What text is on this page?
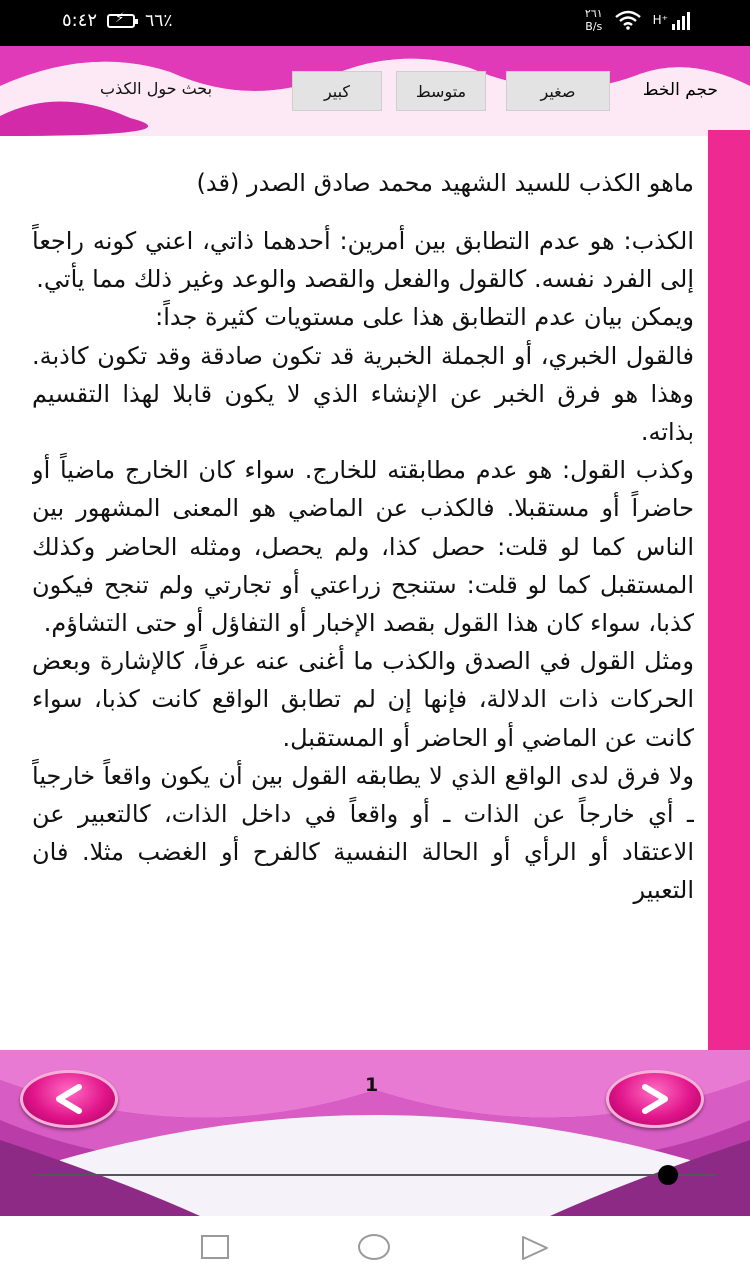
٥:٤٢ ⚡ ٦٦٪	٢٦١
B/s	H⁺
حجم الخط
صغير
متوسط
كبير
بحث حول الكذب
ماهو الكذب للسيد الشهيد محمد صادق الصدر (قد)
الكذب: هو عدم التطابق بين أمرين: أحدهما ذاتي، اعني كونه راجعاً إلى الفرد نفسه. كالقول والفعل والقصد والوعد وغير ذلك مما يأتي.
ويمكن بيان عدم التطابق هذا على مستويات كثيرة جداً:
فالقول الخبري، أو الجملة الخبرية قد تكون صادقة وقد تكون كاذبة. وهذا هو فرق الخبر عن الإنشاء الذي لا يكون قابلا لهذا التقسيم بذاته.
وكذب القول: هو عدم مطابقته للخارج. سواء كان الخارج ماضياً أو حاضراً أو مستقبلا. فالكذب عن الماضي هو المعنى المشهور بين الناس كما لو قلت: حصل كذا، ولم يحصل، ومثله الحاضر وكذلك المستقبل كما لو قلت: ستنجح زراعتي أو تجارتي ولم تنجح فيكون كذبا، سواء كان هذا القول بقصد الإخبار أو التفاؤل أو حتى التشاؤم.
ومثل القول في الصدق والكذب ما أغنى عنه عرفاً، كالإشارة وبعض الحركات ذات الدلالة، فإنها إن لم تطابق الواقع كانت كذبا، سواء كانت عن الماضي أو الحاضر أو المستقبل.
ولا فرق لدى الواقع الذي لا يطابقه القول بين أن يكون واقعاً خارجياً ـ أي خارجاً عن الذات ـ أو واقعاً في داخل الذات، كالتعبير عن الاعتقاد أو الرأي أو الحالة النفسية كالفرح أو الغضب مثلا. فان التعبير
1
